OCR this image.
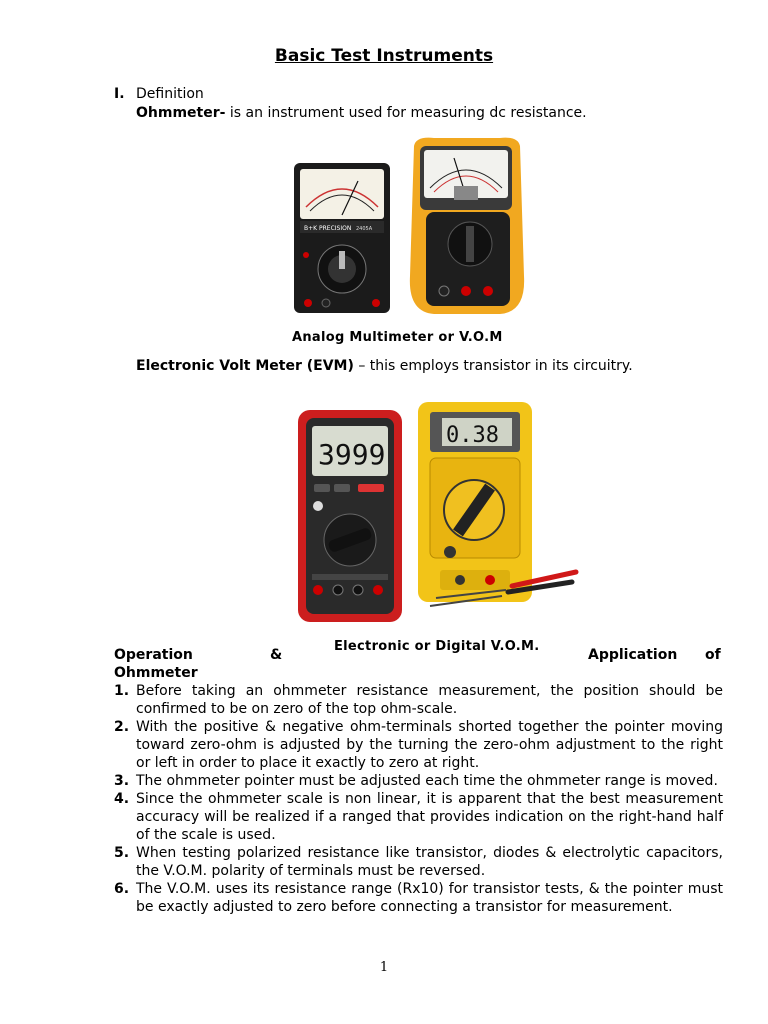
Basic Test Instruments
I. Definition
Ohmmeter- is an instrument used for measuring dc resistance.
B+K PRECISION 2405A
Analog Multimeter or V.O.M
Electronic Volt Meter (EVM) – this employs transistor in its circuitry.
3999
0.38
Electronic or Digital V.O.M.
Operation	&	Application of
Ohmmeter
1. Before taking an ohmmeter resistance measurement, the position should be confirmed to be on zero of the top ohm-scale.
2. With the positive & negative ohm-terminals shorted together the pointer moving toward zero-ohm is adjusted by the turning the zero-ohm adjustment to the right or left in order to place it exactly to zero at right.
3. The ohmmeter pointer must be adjusted each time the ohmmeter range is moved.
4. Since the ohmmeter scale is non linear, it is apparent that the best measurement accuracy will be realized if a ranged that provides indication on the right-hand half of the scale is used.
5. When testing polarized resistance like transistor, diodes & electrolytic capacitors, the V.O.M. polarity of terminals must be reversed.
6. The V.O.M. uses its resistance range (Rx10) for transistor tests, & the pointer must be exactly adjusted to zero before connecting a transistor for measurement.
1
